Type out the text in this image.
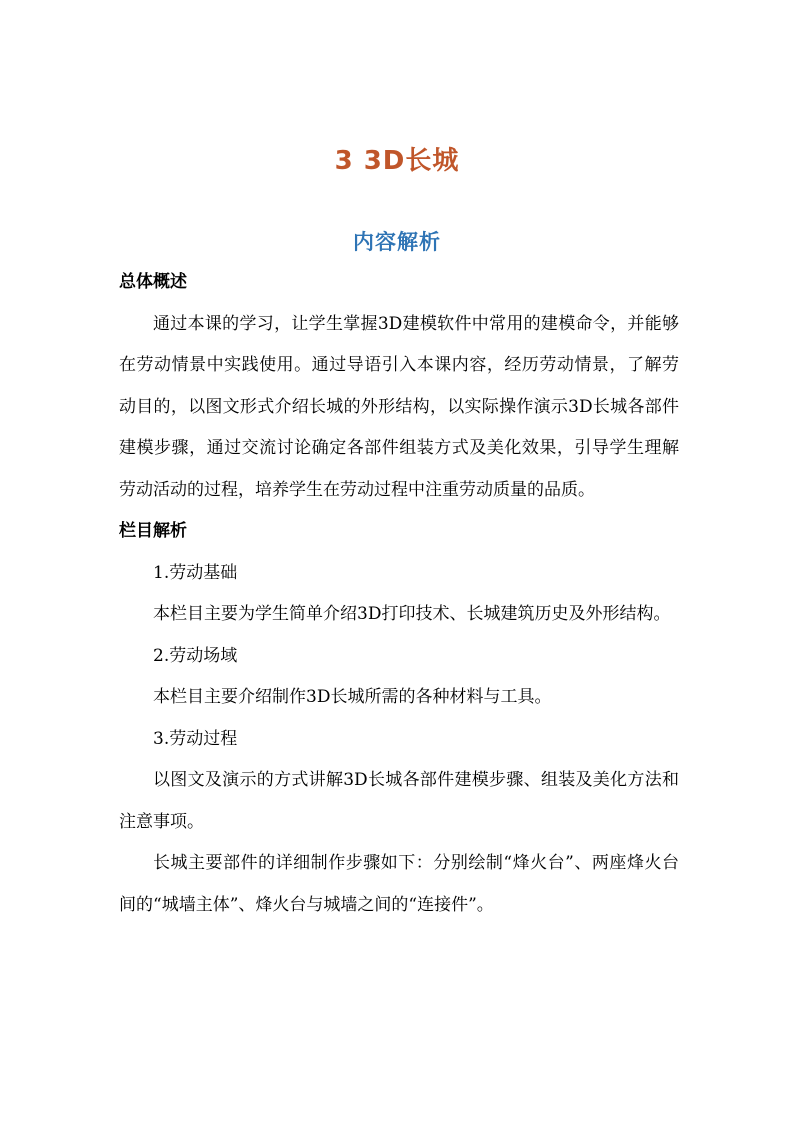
3 3D长城
内容解析

总体概述

通过本课的学习，让学生掌握3D建模软件中常用的建模命令，并能够在劳动情景中实践使用。通过导语引入本课内容，经历劳动情景，了解劳动目的，以图文形式介绍长城的外形结构，以实际操作演示3D长城各部件建模步骤，通过交流讨论确定各部件组装方式及美化效果，引导学生理解劳动活动的过程，培养学生在劳动过程中注重劳动质量的品质。

栏目解析

1.劳动基础

本栏目主要为学生简单介绍3D打印技术、长城建筑历史及外形结构。

2.劳动场域

本栏目主要介绍制作3D长城所需的各种材料与工具。

3.劳动过程

以图文及演示的方式讲解3D长城各部件建模步骤、组装及美化方法和注意事项。

长城主要部件的详细制作步骤如下：分别绘制“烽火台”、两座烽火台间的“城墙主体”、烽火台与城墙之间的“连接件”。
